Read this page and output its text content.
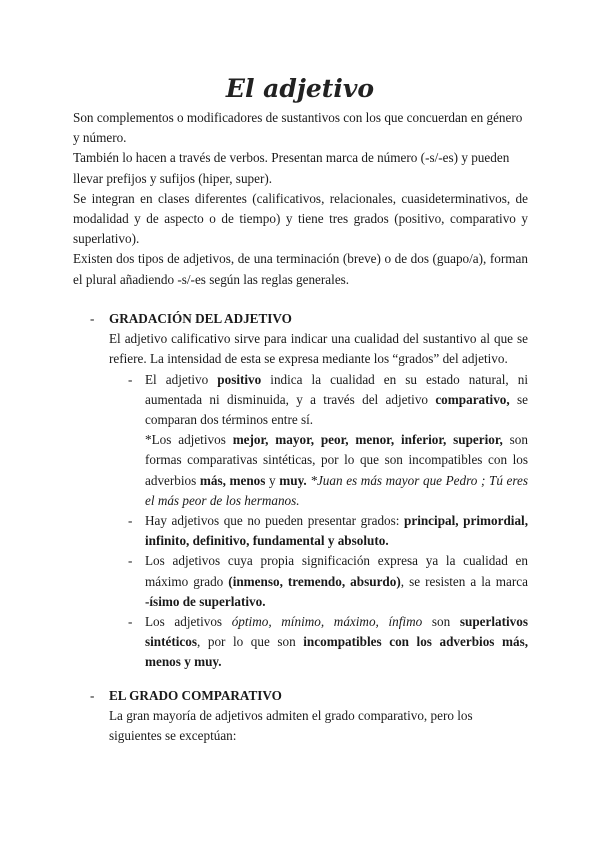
El adjetivo

Son complementos o modificadores de sustantivos con los que concuerdan en género y número.

También lo hacen a través de verbos. Presentan marca de número (-s/-es) y pueden llevar prefijos y sufijos (hiper, super).

Se integran en clases diferentes (calificativos, relacionales, cuasideterminativos, de modalidad y de aspecto o de tiempo) y tiene tres grados (positivo, comparativo y superlativo).

Existen dos tipos de adjetivos, de una terminación (breve) o de dos (guapo/a), forman el plural añadiendo -s/-es según las reglas generales.

- GRADACIÓN DEL ADJETIVO
El adjetivo calificativo sirve para indicar una cualidad del sustantivo al que se refiere. La intensidad de esta se expresa mediante los “grados” del adjetivo.
- El adjetivo positivo indica la cualidad en su estado natural, ni aumentada ni disminuida, y a través del adjetivo comparativo, se comparan dos términos entre sí.

*Los adjetivos mejor, mayor, peor, menor, inferior, superior, son formas comparativas sintéticas, por lo que son incompatibles con los adverbios más, menos y muy. *Juan es más mayor que Pedro ; Tú eres el más peor de los hermanos.
- Hay adjetivos que no pueden presentar grados: principal, primordial, infinito, definitivo, fundamental y absoluto.

- Los adjetivos cuya propia significación expresa ya la cualidad en máximo grado (inmenso, tremendo, absurdo), se resisten a la marca -ísimo de superlativo.

- Los adjetivos óptimo, mínimo, máximo, ínfimo son superlativos sintéticos, por lo que son incompatibles con los adverbios más, menos y muy.

- EL GRADO COMPARATIVO
La gran mayoría de adjetivos admiten el grado comparativo, pero los siguientes se exceptúan:
